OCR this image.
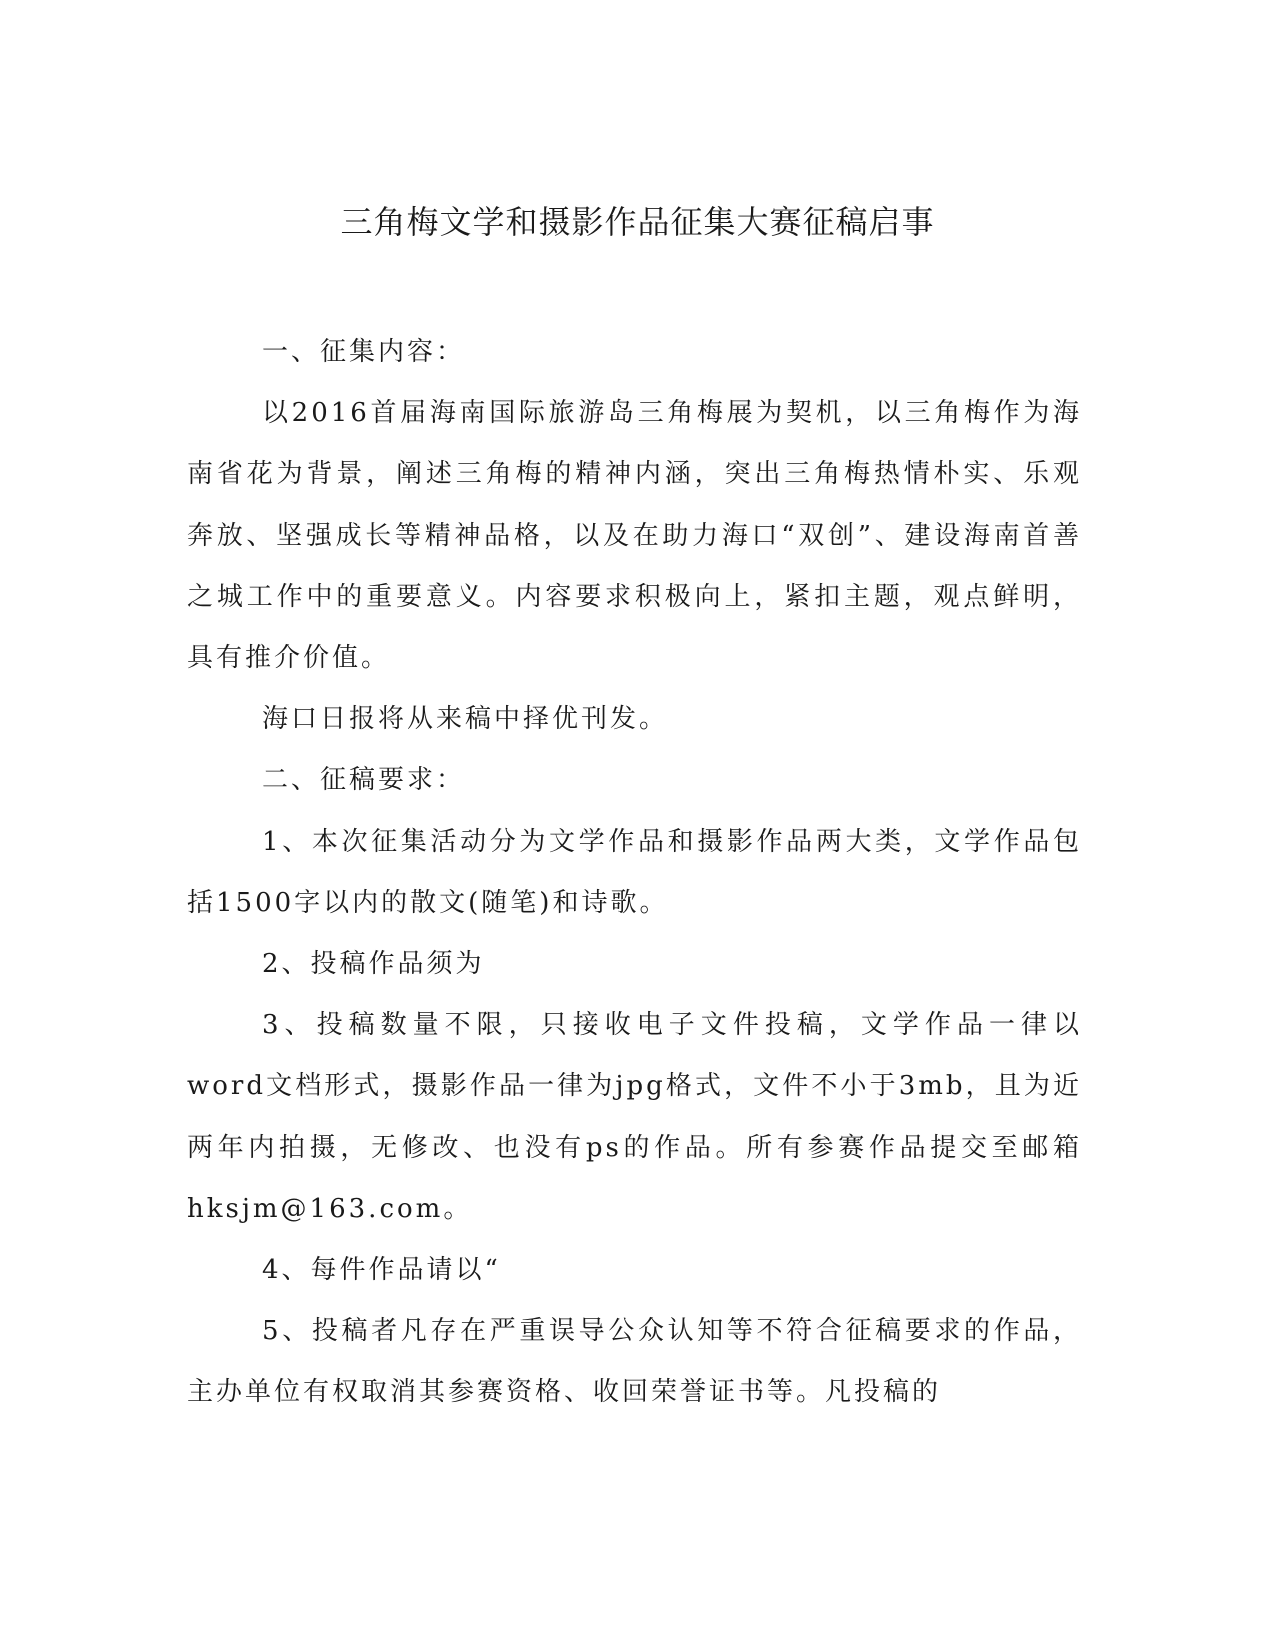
三角梅文学和摄影作品征集大赛征稿启事

一、征集内容：

以2016首届海南国际旅游岛三角梅展为契机，以三角梅作为海南省花为背景，阐述三角梅的精神内涵，突出三角梅热情朴实、乐观奔放、坚强成长等精神品格，以及在助力海口“双创”、建设海南首善之城工作中的重要意义。内容要求积极向上，紧扣主题，观点鲜明，具有推介价值。

海口日报将从来稿中择优刊发。

二、征稿要求：

1、本次征集活动分为文学作品和摄影作品两大类，文学作品包括1500字以内的散文(随笔)和诗歌。

2、投稿作品须为

3、投稿数量不限，只接收电子文件投稿，文学作品一律以word文档形式，摄影作品一律为jpg格式，文件不小于3mb，且为近两年内拍摄，无修改、也没有ps的作品。所有参赛作品提交至邮箱hksjm@163.com。

4、每件作品请以“

5、投稿者凡存在严重误导公众认知等不符合征稿要求的作品，主办单位有权取消其参赛资格、收回荣誉证书等。凡投稿的
